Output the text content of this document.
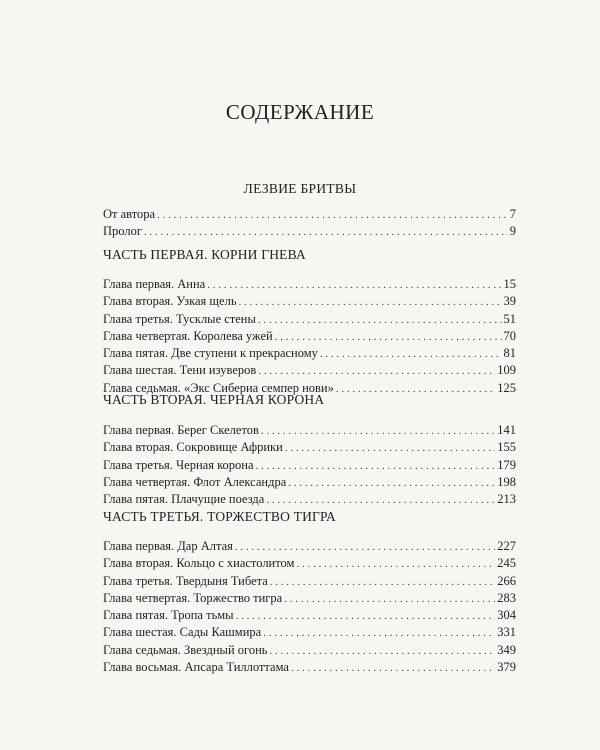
СОДЕРЖАНИЕ
ЛЕЗВИЕ БРИТВЫ
От автора . . .	7
Пролог . . .	9
ЧАСТЬ ПЕРВАЯ. КОРНИ ГНЕВА
Глава первая. Анна . . .	15
Глава вторая. Узкая щель . . .	39
Глава третья. Тусклые стены . . .	51
Глава четвертая. Королева ужей . . .	70
Глава пятая. Две ступени к прекрасному . . .	81
Глава шестая. Тени изуверов . . .	109
Глава седьмая. «Экс Сибериа семпер нови» . . .	125
ЧАСТЬ ВТОРАЯ. ЧЕРНАЯ КОРОНА
Глава первая. Берег Скелетов . . .	141
Глава вторая. Сокровище Африки . . .	155
Глава третья. Черная корона . . .	179
Глава четвертая. Флот Александра . . .	198
Глава пятая. Плачущие поезда . . .	213
ЧАСТЬ ТРЕТЬЯ. ТОРЖЕСТВО ТИГРА
Глава первая. Дар Алтая . . .	227
Глава вторая. Кольцо с хиастолитом . . .	245
Глава третья. Твердыня Тибета . . .	266
Глава четвертая. Торжество тигра . . .	283
Глава пятая. Тропа тьмы . . .	304
Глава шестая. Сады Кашмира . . .	331
Глава седьмая. Звездный огонь . . .	349
Глава восьмая. Апсара Тиллоттама . . .	379
